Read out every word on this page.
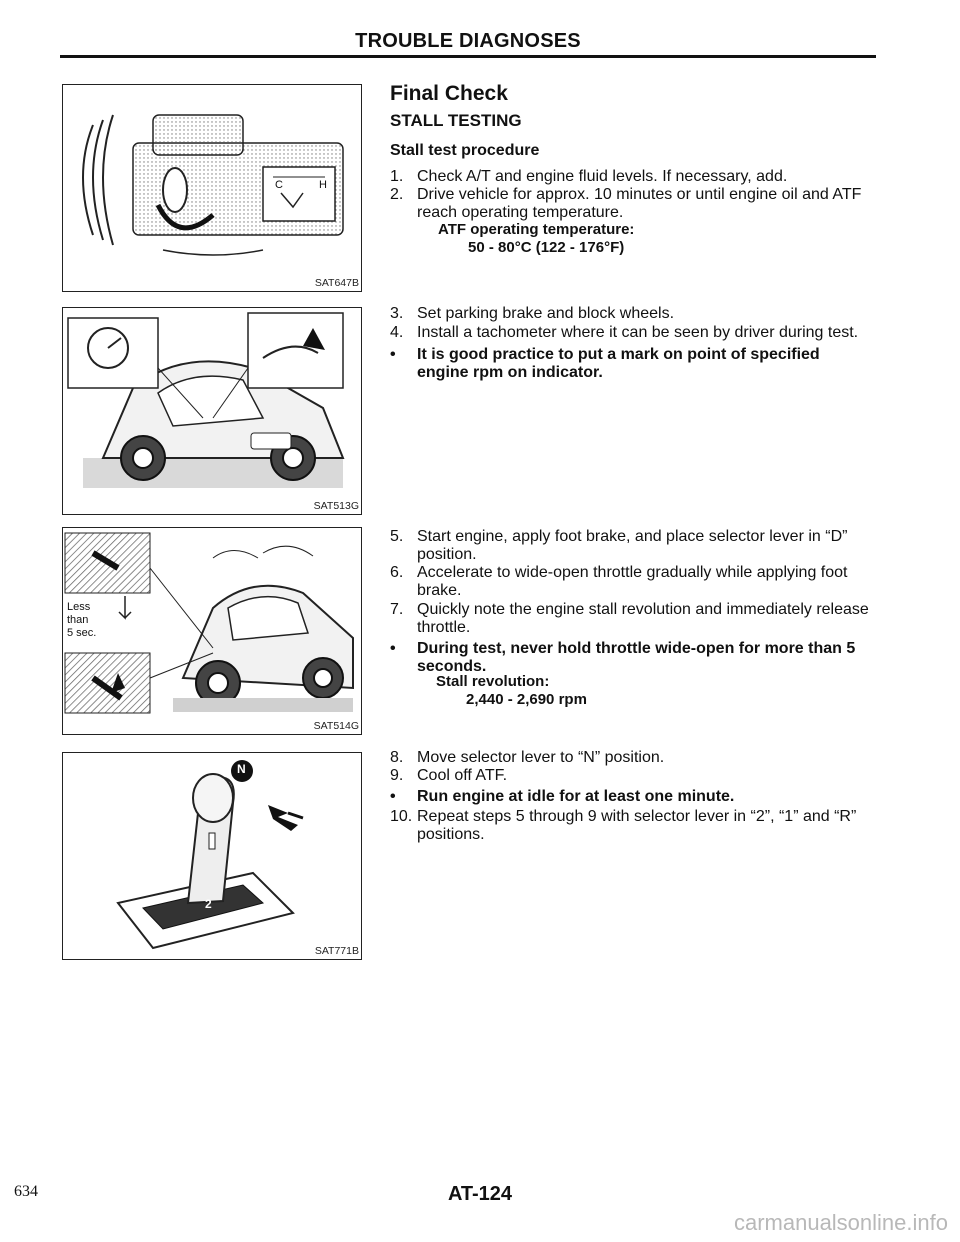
TROUBLE DIAGNOSES
C	H
SAT647B
SAT513G
Less
than
5 sec.
SAT514G
N
2
SAT771B
Final Check
STALL TESTING
Stall test procedure
1. Check A/T and engine fluid levels. If necessary, add.
2. Drive vehicle for approx. 10 minutes or until engine oil and ATF reach operating temperature.
ATF operating temperature:
50 - 80°C (122 - 176°F)
3. Set parking brake and block wheels.
4. Install a tachometer where it can be seen by driver during test.
•	It is good practice to put a mark on point of specified engine rpm on indicator.
5. Start engine, apply foot brake, and place selector lever in “D” position.
6. Accelerate to wide-open throttle gradually while applying foot brake.
7. Quickly note the engine stall revolution and immediately release throttle.
•	During test, never hold throttle wide-open for more than 5 seconds.
Stall revolution:
2,440 - 2,690 rpm
8. Move selector lever to “N” position.
9. Cool off ATF.
•	Run engine at idle for at least one minute.
10. Repeat steps 5 through 9 with selector lever in “2”, “1” and “R” positions.
634	AT-124
carmanualsonline.info
